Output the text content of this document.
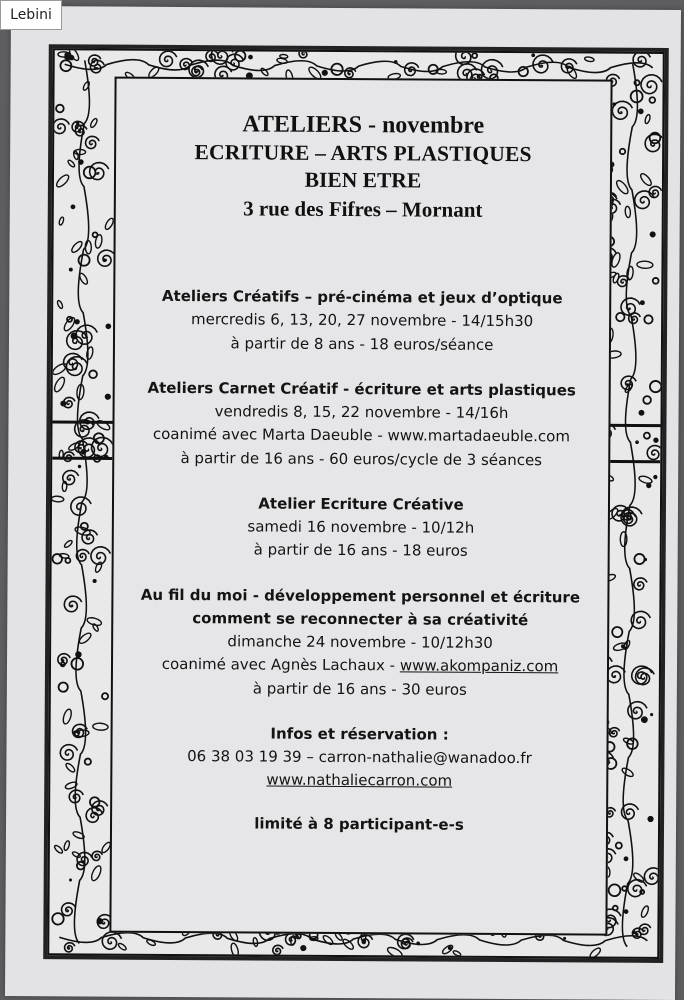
Lebini
ATELIERS - novembre
ECRITURE – ARTS PLASTIQUES
BIEN ETRE
3 rue des Fifres – Mornant
Ateliers Créatifs – pré-cinéma et jeux d’optique
mercredis 6, 13, 20, 27 novembre - 14/15h30
à partir de 8 ans - 18 euros/séance
Ateliers Carnet Créatif - écriture et arts plastiques
vendredis 8, 15, 22 novembre - 14/16h
coanimé avec Marta Daeuble - www.martadaeuble.com
à partir de 16 ans - 60 euros/cycle de 3 séances
Atelier Ecriture Créative
samedi 16 novembre - 10/12h
à partir de 16 ans - 18 euros
Au fil du moi - développement personnel et écriture
comment se reconnecter à sa créativité
dimanche 24 novembre - 10/12h30
coanimé avec Agnès Lachaux - www.akompaniz.com
à partir de 16 ans - 30 euros
Infos et réservation :
06 38 03 19 39 – carron-nathalie@wanadoo.fr
www.nathaliecarron.com
limité à 8 participant-e-s
